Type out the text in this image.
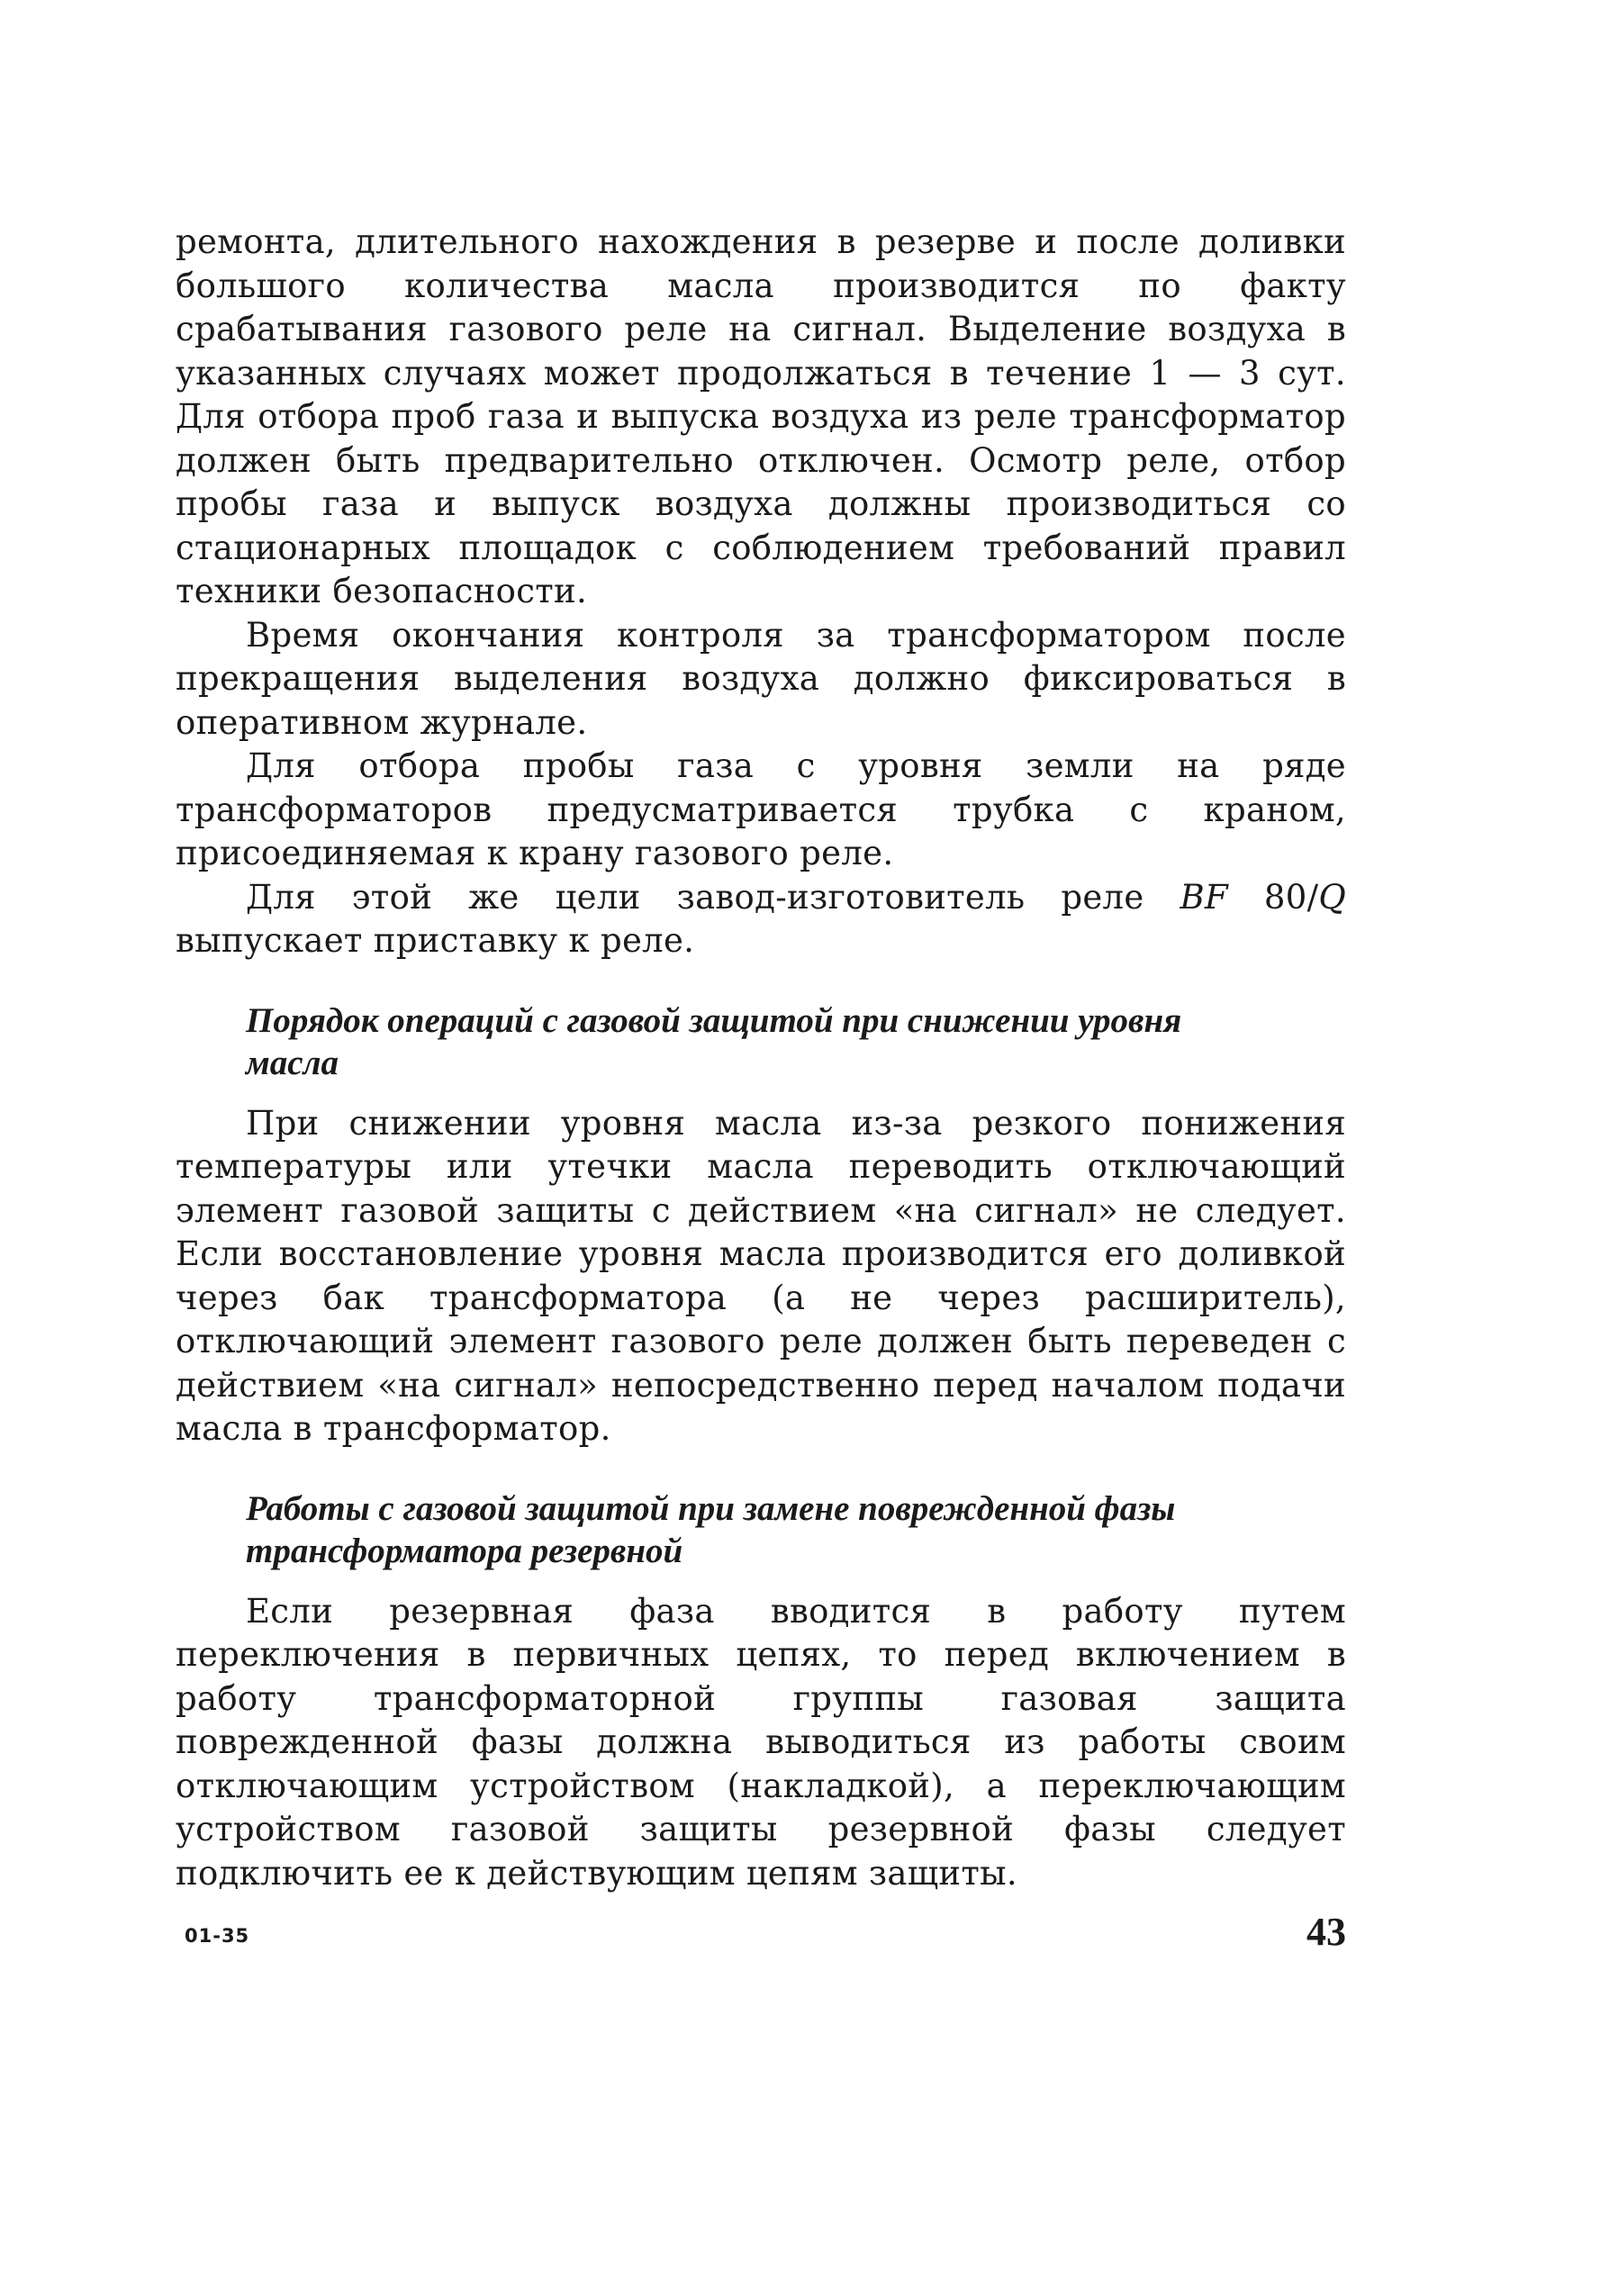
ремонта, длительного нахождения в резерве и после доливки большого количества масла производится по факту срабатывания газового реле на сигнал. Выделение воздуха в указанных случаях может продолжаться в течение 1 — 3 сут. Для отбора проб газа и выпуска воздуха из реле трансформатор должен быть предварительно отключен. Осмотр реле, отбор пробы газа и выпуск воздуха должны производиться со стационарных площадок с соблюдением требований правил техники безопасности.

Время окончания контроля за трансформатором после прекращения выделения воздуха должно фиксироваться в оперативном журнале.

Для отбора пробы газа с уровня земли на ряде трансформаторов предусматривается трубка с краном, присоединяемая к крану газового реле.

Для этой же цели завод-изготовитель реле BF 80/Q выпускает приставку к реле.

Порядок операций с газовой защитой при снижении уровня масла

При снижении уровня масла из-за резкого понижения температуры или утечки масла переводить отключающий элемент газовой защиты с действием «на сигнал» не следует. Если восстановление уровня масла производится его доливкой через бак трансформатора (а не через расширитель), отключающий элемент газового реле должен быть переведен с действием «на сигнал» непосредственно перед началом подачи масла в трансформатор.

Работы с газовой защитой при замене поврежденной фазы трансформатора резервной

Если резервная фаза вводится в работу путем переключения в первичных цепях, то перед включением в работу трансформаторной группы газовая защита поврежденной фазы должна выводиться из работы своим отключающим устройством (накладкой), а переключающим устройством газовой защиты резервной фазы следует подключить ее к действующим цепям защиты.

01-35	43
